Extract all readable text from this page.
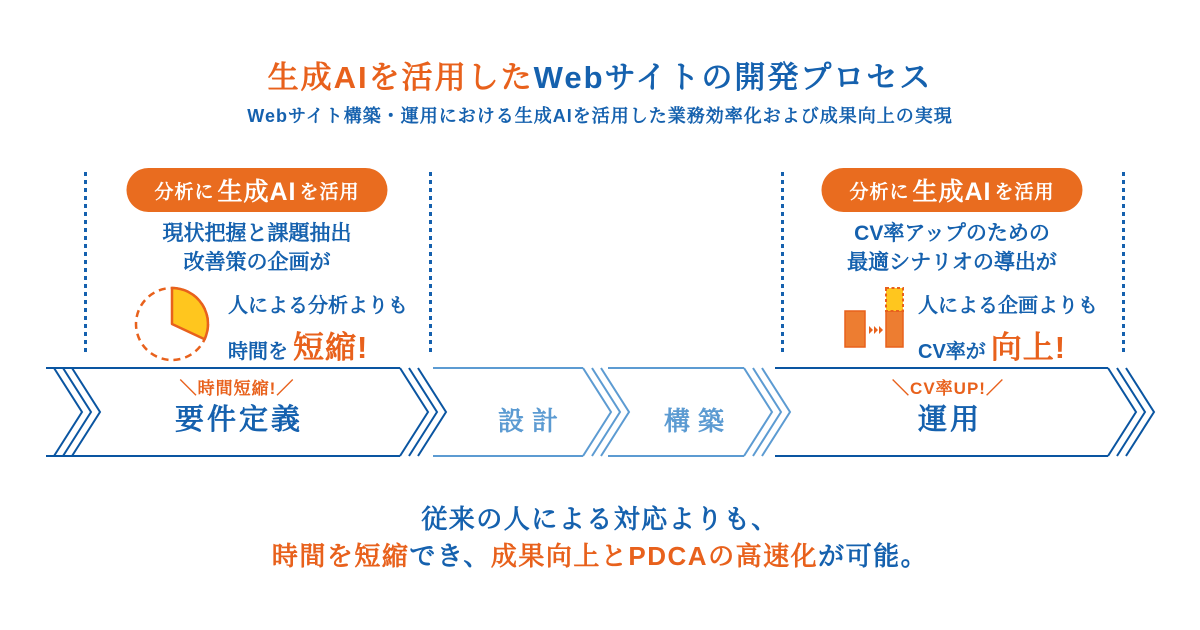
生成AIを活用したWebサイトの開発プロセス
Webサイト構築・運用における生成AIを活用した業務効率化および成果向上の実現
分析に 生成AI を活用
現状把握と課題抽出
改善策の企画が
人による分析よりも
時間を 短縮!
分析に 生成AI を活用
CV率アップのための
最適シナリオの導出が
人による企画よりも
CV率が 向上!
＼時間短縮!／
要件定義	設計	構築
＼CV率UP!／
運用
従来の人による対応よりも、
時間を短縮でき、成果向上とPDCAの高速化が可能。
